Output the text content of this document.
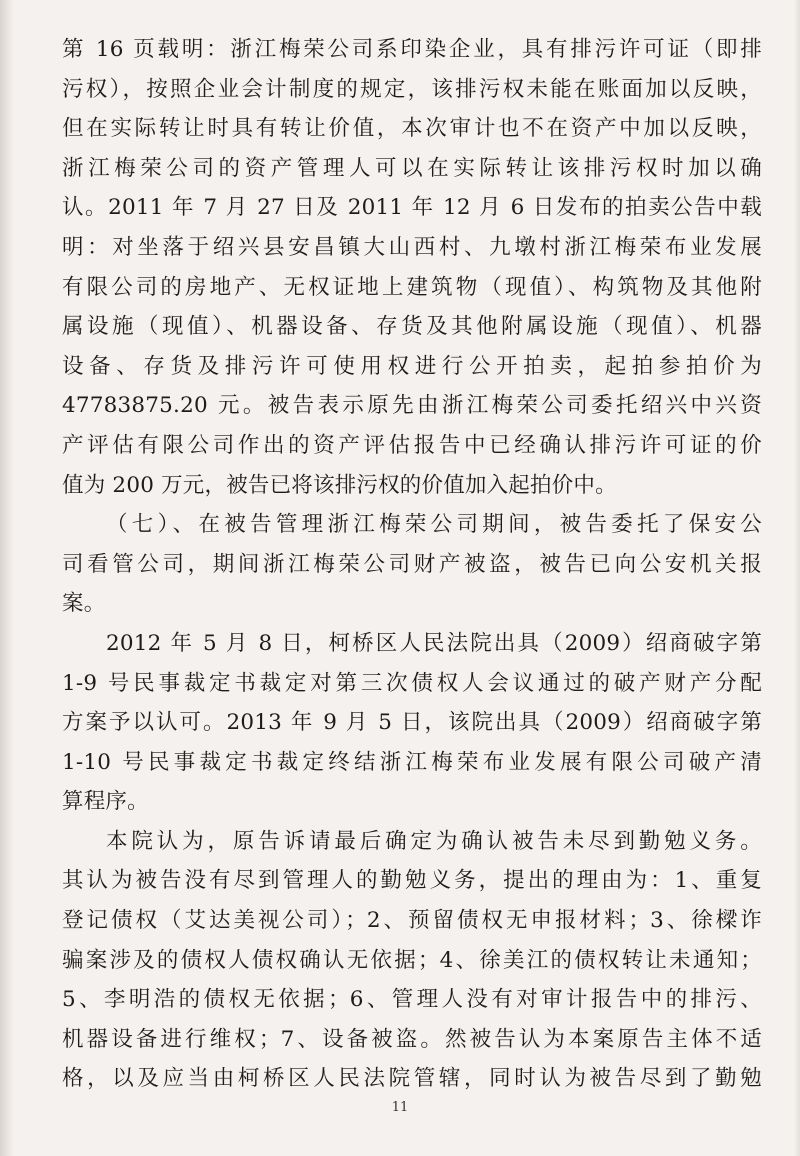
第 16 页载明：浙江梅荣公司系印染企业，具有排污许可证（即排
污权），按照企业会计制度的规定，该排污权未能在账面加以反映，
但在实际转让时具有转让价值，本次审计也不在资产中加以反映，
浙江梅荣公司的资产管理人可以在实际转让该排污权时加以确
认。2011 年 7 月 27 日及 2011 年 12 月 6 日发布的拍卖公告中载
明：对坐落于绍兴县安昌镇大山西村、九墩村浙江梅荣布业发展
有限公司的房地产、无权证地上建筑物（现值）、构筑物及其他附
属设施（现值）、机器设备、存货及其他附属设施（现值）、机器
设备、存货及排污许可使用权进行公开拍卖，起拍参拍价为
47783875.20 元。被告表示原先由浙江梅荣公司委托绍兴中兴资
产评估有限公司作出的资产评估报告中已经确认排污许可证的价
值为 200 万元，被告已将该排污权的价值加入起拍价中。
（七）、在被告管理浙江梅荣公司期间，被告委托了保安公
司看管公司，期间浙江梅荣公司财产被盗，被告已向公安机关报
案。
2012 年 5 月 8 日，柯桥区人民法院出具（2009）绍商破字第
1-9 号民事裁定书裁定对第三次债权人会议通过的破产财产分配
方案予以认可。2013 年 9 月 5 日，该院出具（2009）绍商破字第
1-10 号民事裁定书裁定终结浙江梅荣布业发展有限公司破产清
算程序。
本院认为，原告诉请最后确定为确认被告未尽到勤勉义务。
其认为被告没有尽到管理人的勤勉义务，提出的理由为：1、重复
登记债权（艾达美视公司）；2、预留债权无申报材料；3、徐樑诈
骗案涉及的债权人债权确认无依据；4、徐美江的债权转让未通知；
5、李明浩的债权无依据；6、管理人没有对审计报告中的排污、
机器设备进行维权；7、设备被盗。然被告认为本案原告主体不适
格，以及应当由柯桥区人民法院管辖，同时认为被告尽到了勤勉
11
